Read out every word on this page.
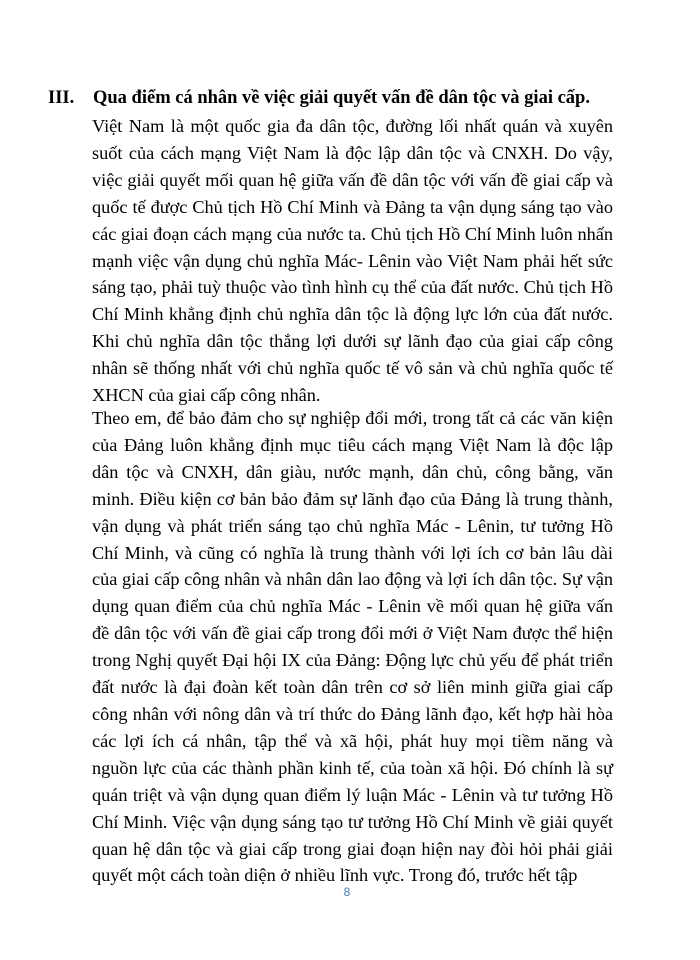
III. Qua điểm cá nhân về việc giải quyết vấn đề dân tộc và giai cấp.

Việt Nam là một quốc gia đa dân tộc, đường lối nhất quán và xuyên suốt của cách mạng Việt Nam là độc lập dân tộc và CNXH. Do vậy, việc giải quyết mối quan hệ giữa vấn đề dân tộc với vấn đề giai cấp và quốc tế được Chủ tịch Hồ Chí Minh và Đảng ta vận dụng sáng tạo vào các giai đoạn cách mạng của nước ta. Chủ tịch Hồ Chí Minh luôn nhấn mạnh việc vận dụng chủ nghĩa Mác- Lênin vào Việt Nam phải hết sức sáng tạo, phải tuỳ thuộc vào tình hình cụ thể của đất nước. Chủ tịch Hồ Chí Minh khẳng định chủ nghĩa dân tộc là động lực lớn của đất nước. Khi chủ nghĩa dân tộc thắng lợi dưới sự lãnh đạo của giai cấp công nhân sẽ thống nhất với chủ nghĩa quốc tế vô sản và chủ nghĩa quốc tế XHCN của giai cấp công nhân.

Theo em, để bảo đảm cho sự nghiệp đổi mới, trong tất cả các văn kiện của Đảng luôn khẳng định mục tiêu cách mạng Việt Nam là độc lập dân tộc và CNXH, dân giàu, nước mạnh, dân chủ, công bằng, văn minh. Điều kiện cơ bản bảo đảm sự lãnh đạo của Đảng là trung thành, vận dụng và phát triển sáng tạo chủ nghĩa Mác - Lênin, tư tưởng Hồ Chí Minh, và cũng có nghĩa là trung thành với lợi ích cơ bản lâu dài của giai cấp công nhân và nhân dân lao động và lợi ích dân tộc. Sự vận dụng quan điểm của chủ nghĩa Mác - Lênin về mối quan hệ giữa vấn đề dân tộc với vấn đề giai cấp trong đổi mới ở Việt Nam được thể hiện trong Nghị quyết Đại hội IX của Đảng: Động lực chủ yếu để phát triển đất nước là đại đoàn kết toàn dân trên cơ sở liên minh giữa giai cấp công nhân với nông dân và trí thức do Đảng lãnh đạo, kết hợp hài hòa các lợi ích cá nhân, tập thể và xã hội, phát huy mọi tiềm năng và nguồn lực của các thành phần kinh tế, của toàn xã hội. Đó chính là sự quán triệt và vận dụng quan điểm lý luận Mác - Lênin và tư tưởng Hồ Chí Minh. Việc vận dụng sáng tạo tư tưởng Hồ Chí Minh về giải quyết quan hệ dân tộc và giai cấp trong giai đoạn hiện nay đòi hỏi phải giải quyết một cách toàn diện ở nhiều lĩnh vực. Trong đó, trước hết tập

8
